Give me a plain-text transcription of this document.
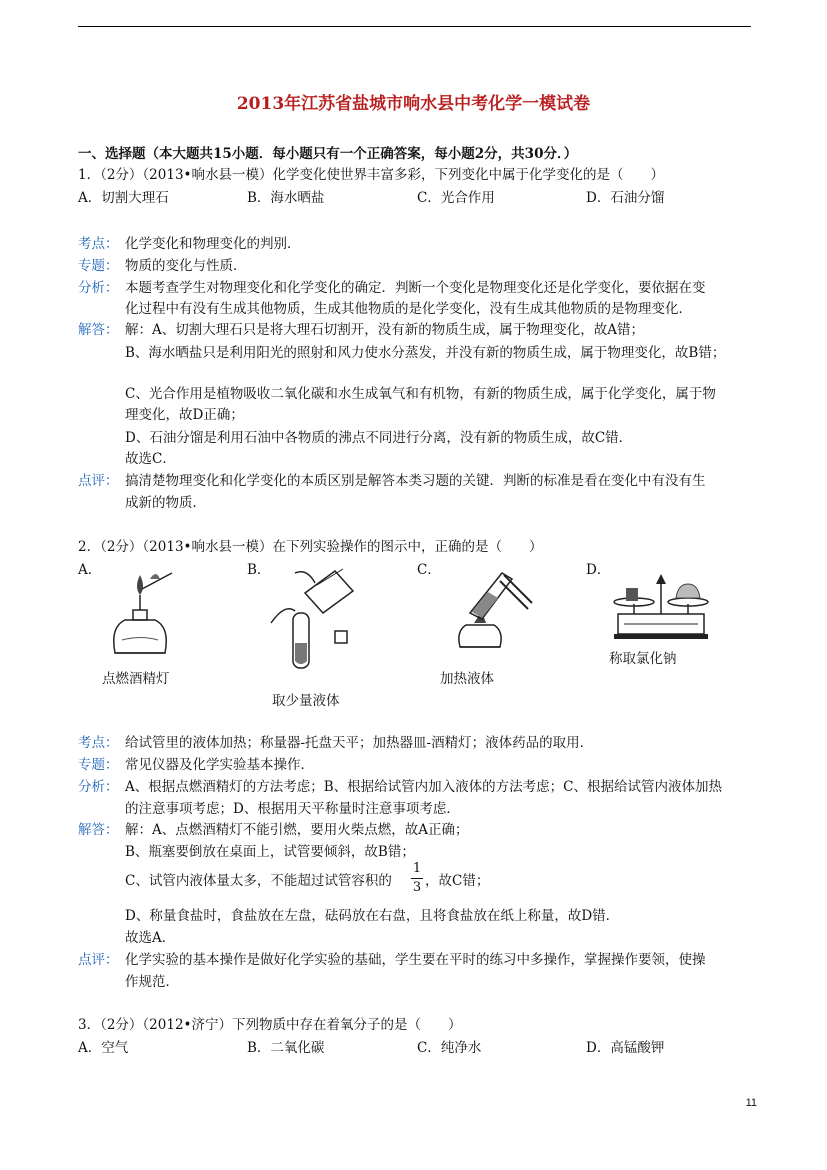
2013年江苏省盐城市响水县中考化学一模试卷
一、选择题（本大题共15小题．每小题只有一个正确答案，每小题2分，共30分．）
1．（2分）（2013•响水县一模）化学变化使世界丰富多彩，下列变化中属于化学变化的是（　　）
A．切割大理石	B．海水晒盐	C．光合作用	D．石油分馏
考点： 化学变化和物理变化的判别．
专题： 物质的变化与性质．
分析： 本题考查学生对物理变化和化学变化的确定．判断一个变化是物理变化还是化学变化，要依据在变
化过程中有没有生成其他物质，生成其他物质的是化学变化，没有生成其他物质的是物理变化．
解答： 解：A、切割大理石只是将大理石切割开，没有新的物质生成，属于物理变化，故A错；
B、海水晒盐只是利用阳光的照射和风力使水分蒸发，并没有新的物质生成，属于物理变化，故B错；
C、光合作用是植物吸收二氧化碳和水生成氧气和有机物，有新的物质生成，属于化学变化，属于物
理变化，故D正确；
D、石油分馏是利用石油中各物质的沸点不同进行分离，没有新的物质生成，故C错．
故选C．
点评： 搞清楚物理变化和化学变化的本质区别是解答本类习题的关键．判断的标准是看在变化中有没有生
成新的物质．
2．（2分）（2013•响水县一模）在下列实验操作的图示中，正确的是（　　）
A．	B．	C．	D．
点燃酒精灯
取少量液体
加热液体
称取氯化钠
考点： 给试管里的液体加热；称量器-托盘天平；加热器皿-酒精灯；液体药品的取用．
专题： 常见仪器及化学实验基本操作．
分析： A、根据点燃酒精灯的方法考虑；B、根据给试管内加入液体的方法考虑；C、根据给试管内液体加热
的注意事项考虑；D、根据用天平称量时注意事项考虑．
解答： 解：A、点燃酒精灯不能引燃，要用火柴点燃，故A正确；
B、瓶塞要倒放在桌面上，试管要倾斜，故B错；
C、试管内液体量太多，不能超过试管容积的
1
3 ，故C错；
D、称量食盐时，食盐放在左盘，砝码放在右盘，且将食盐放在纸上称量，故D错．
故选A．
点评： 化学实验的基本操作是做好化学实验的基础，学生要在平时的练习中多操作，掌握操作要领，使操
作规范．
3．（2分）（2012•济宁）下列物质中存在着氧分子的是（　　）
A．空气	B．二氧化碳	C．纯净水	D．高锰酸钾
11
